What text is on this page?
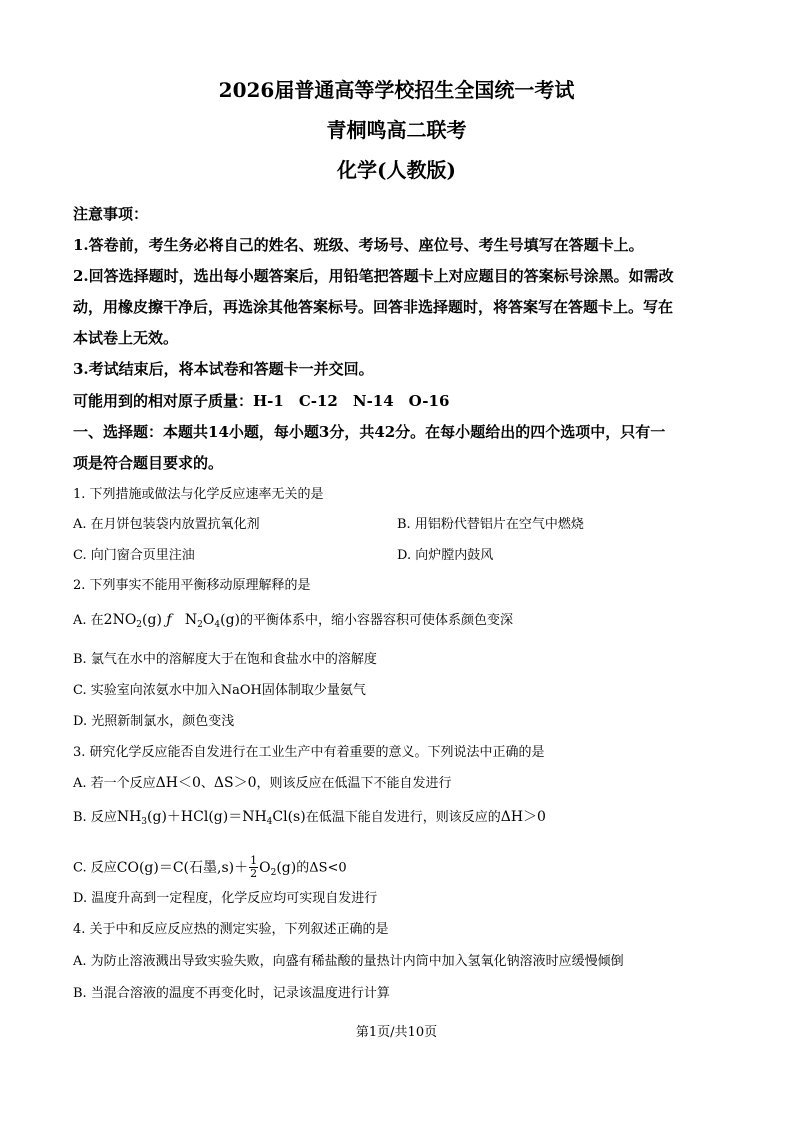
2026届普通高等学校招生全国统一考试
青桐鸣高二联考
化学(人教版)
注意事项：
1.答卷前，考生务必将自己的姓名、班级、考场号、座位号、考生号填写在答题卡上。
2.回答选择题时，选出每小题答案后，用铅笔把答题卡上对应题目的答案标号涂黑。如需改
动，用橡皮擦干净后，再选涂其他答案标号。回答非选择题时，将答案写在答题卡上。写在
本试卷上无效。
3.考试结束后，将本试卷和答题卡一并交回。
可能用到的相对原子质量：H-1　C-12　N-14　O-16
一、选择题：本题共14小题，每小题3分，共42分。在每小题给出的四个选项中，只有一
项是符合题目要求的。
1. 下列措施或做法与化学反应速率无关的是
A. 在月饼包装袋内放置抗氧化剂	B. 用铝粉代替铝片在空气中燃烧
C. 向门窗合页里注油	D. 向炉膛内鼓风
2. 下列事实不能用平衡移动原理解释的是
A. 在$2NO_2(g)$ ƒ $N_2O_4(g)$的平衡体系中，缩小容器容积可使体系颜色变深
B. 氯气在水中的溶解度大于在饱和食盐水中的溶解度
C. 实验室向浓氨水中加入NaOH固体制取少量氨气
D. 光照新制氯水，颜色变浅
3. 研究化学反应能否自发进行在工业生产中有着重要的意义。下列说法中正确的是
A. 若一个反应ΔH＜0、ΔS＞0，则该反应在低温下不能自发进行
B. 反应$NH_3(g)+HCl(g)=NH_4Cl(s)$在低温下能自发进行，则该反应的ΔH＞0
C. 反应CO(g)＝C(石墨$,s)+ \frac{1}{2} O_2(g)$的ΔS<0
D. 温度升高到一定程度，化学反应均可实现自发进行
4. 关于中和反应反应热的测定实验，下列叙述正确的是
A. 为防止溶液溅出导致实验失败，向盛有稀盐酸的量热计内筒中加入氢氧化钠溶液时应缓慢倾倒
B. 当混合溶液的温度不再变化时，记录该温度进行计算
第1页/共10页
